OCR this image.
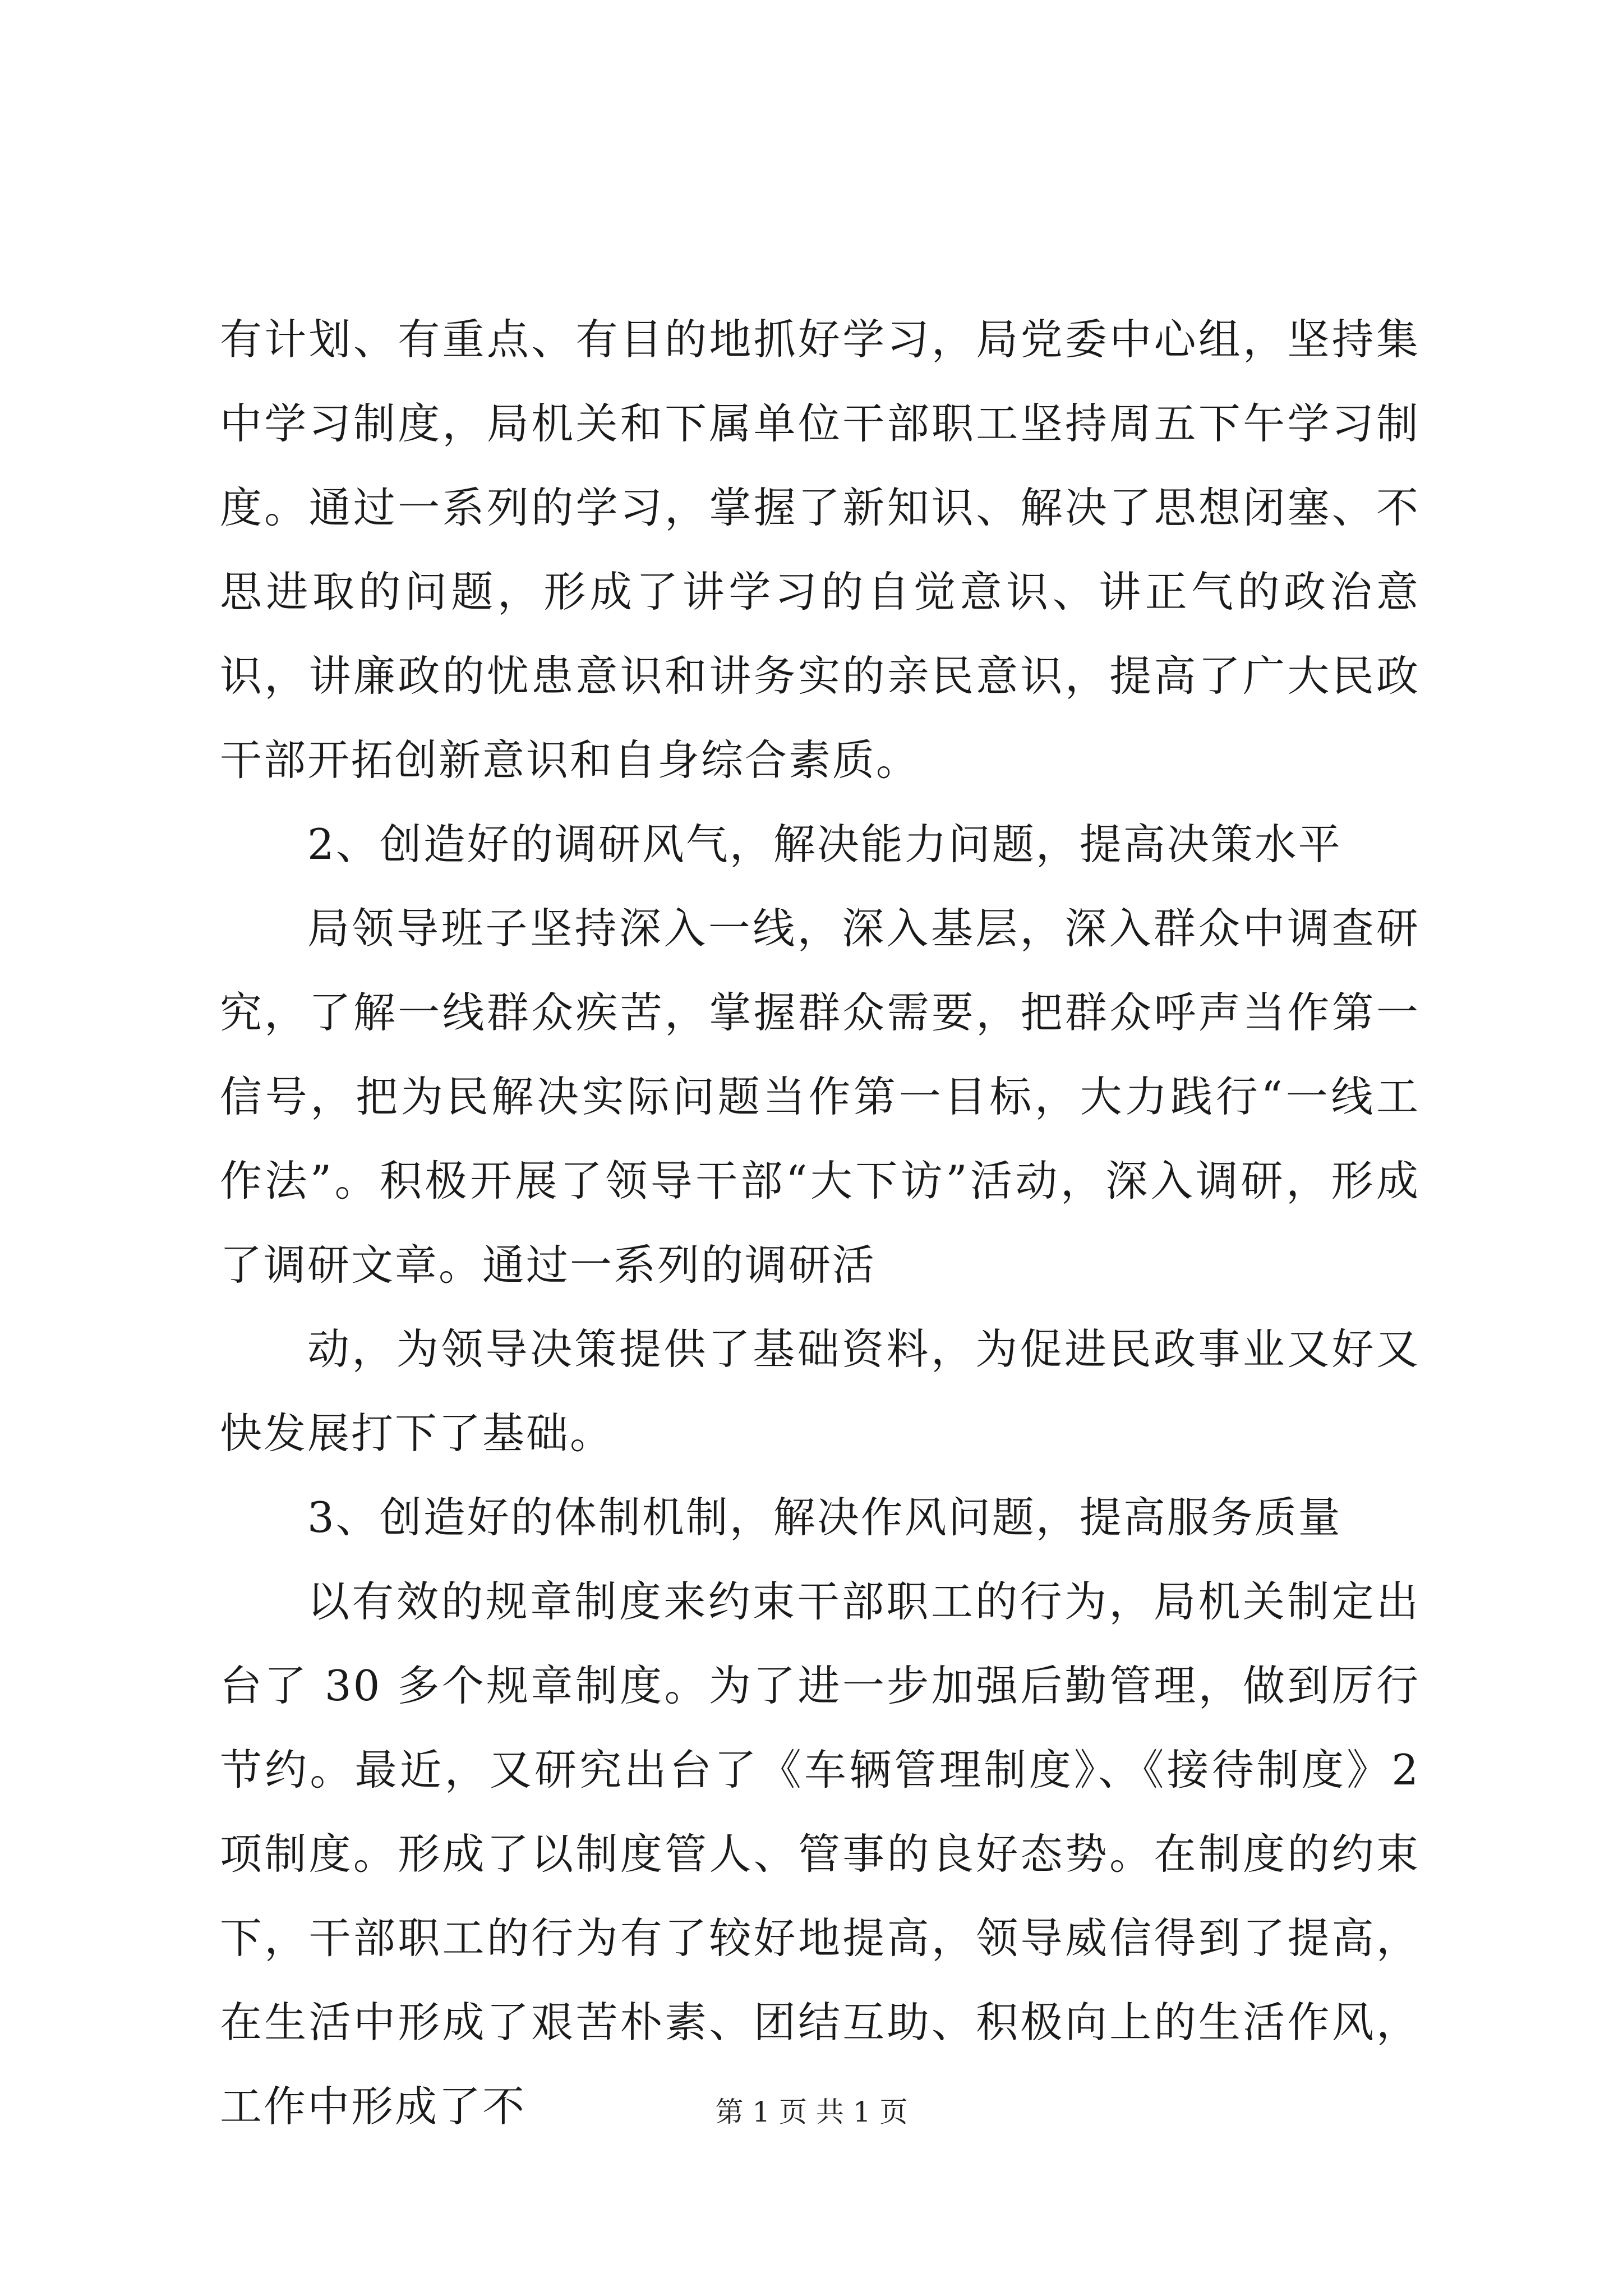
有计划、有重点、有目的地抓好学习，局党委中心组，坚持集中学习制度，局机关和下属单位干部职工坚持周五下午学习制度。通过一系列的学习，掌握了新知识、解决了思想闭塞、不思进取的问题，形成了讲学习的自觉意识、讲正气的政治意识，讲廉政的忧患意识和讲务实的亲民意识，提高了广大民政干部开拓创新意识和自身综合素质。

2、创造好的调研风气，解决能力问题，提高决策水平

局领导班子坚持深入一线，深入基层，深入群众中调查研究，了解一线群众疾苦，掌握群众需要，把群众呼声当作第一信号，把为民解决实际问题当作第一目标，大力践行“一线工作法”。积极开展了领导干部“大下访”活动，深入调研，形成了调研文章。通过一系列的调研活

动，为领导决策提供了基础资料，为促进民政事业又好又快发展打下了基础。

3、创造好的体制机制，解决作风问题，提高服务质量

以有效的规章制度来约束干部职工的行为，局机关制定出台了 30 多个规章制度。为了进一步加强后勤管理，做到厉行节约。最近，又研究出台了《车辆管理制度》、《接待制度》2 项制度。形成了以制度管人、管事的良好态势。在制度的约束下，干部职工的行为有了较好地提高，领导威信得到了提高，在生活中形成了艰苦朴素、团结互助、积极向上的生活作风，工作中形成了不	第 1 页 共 1 页
